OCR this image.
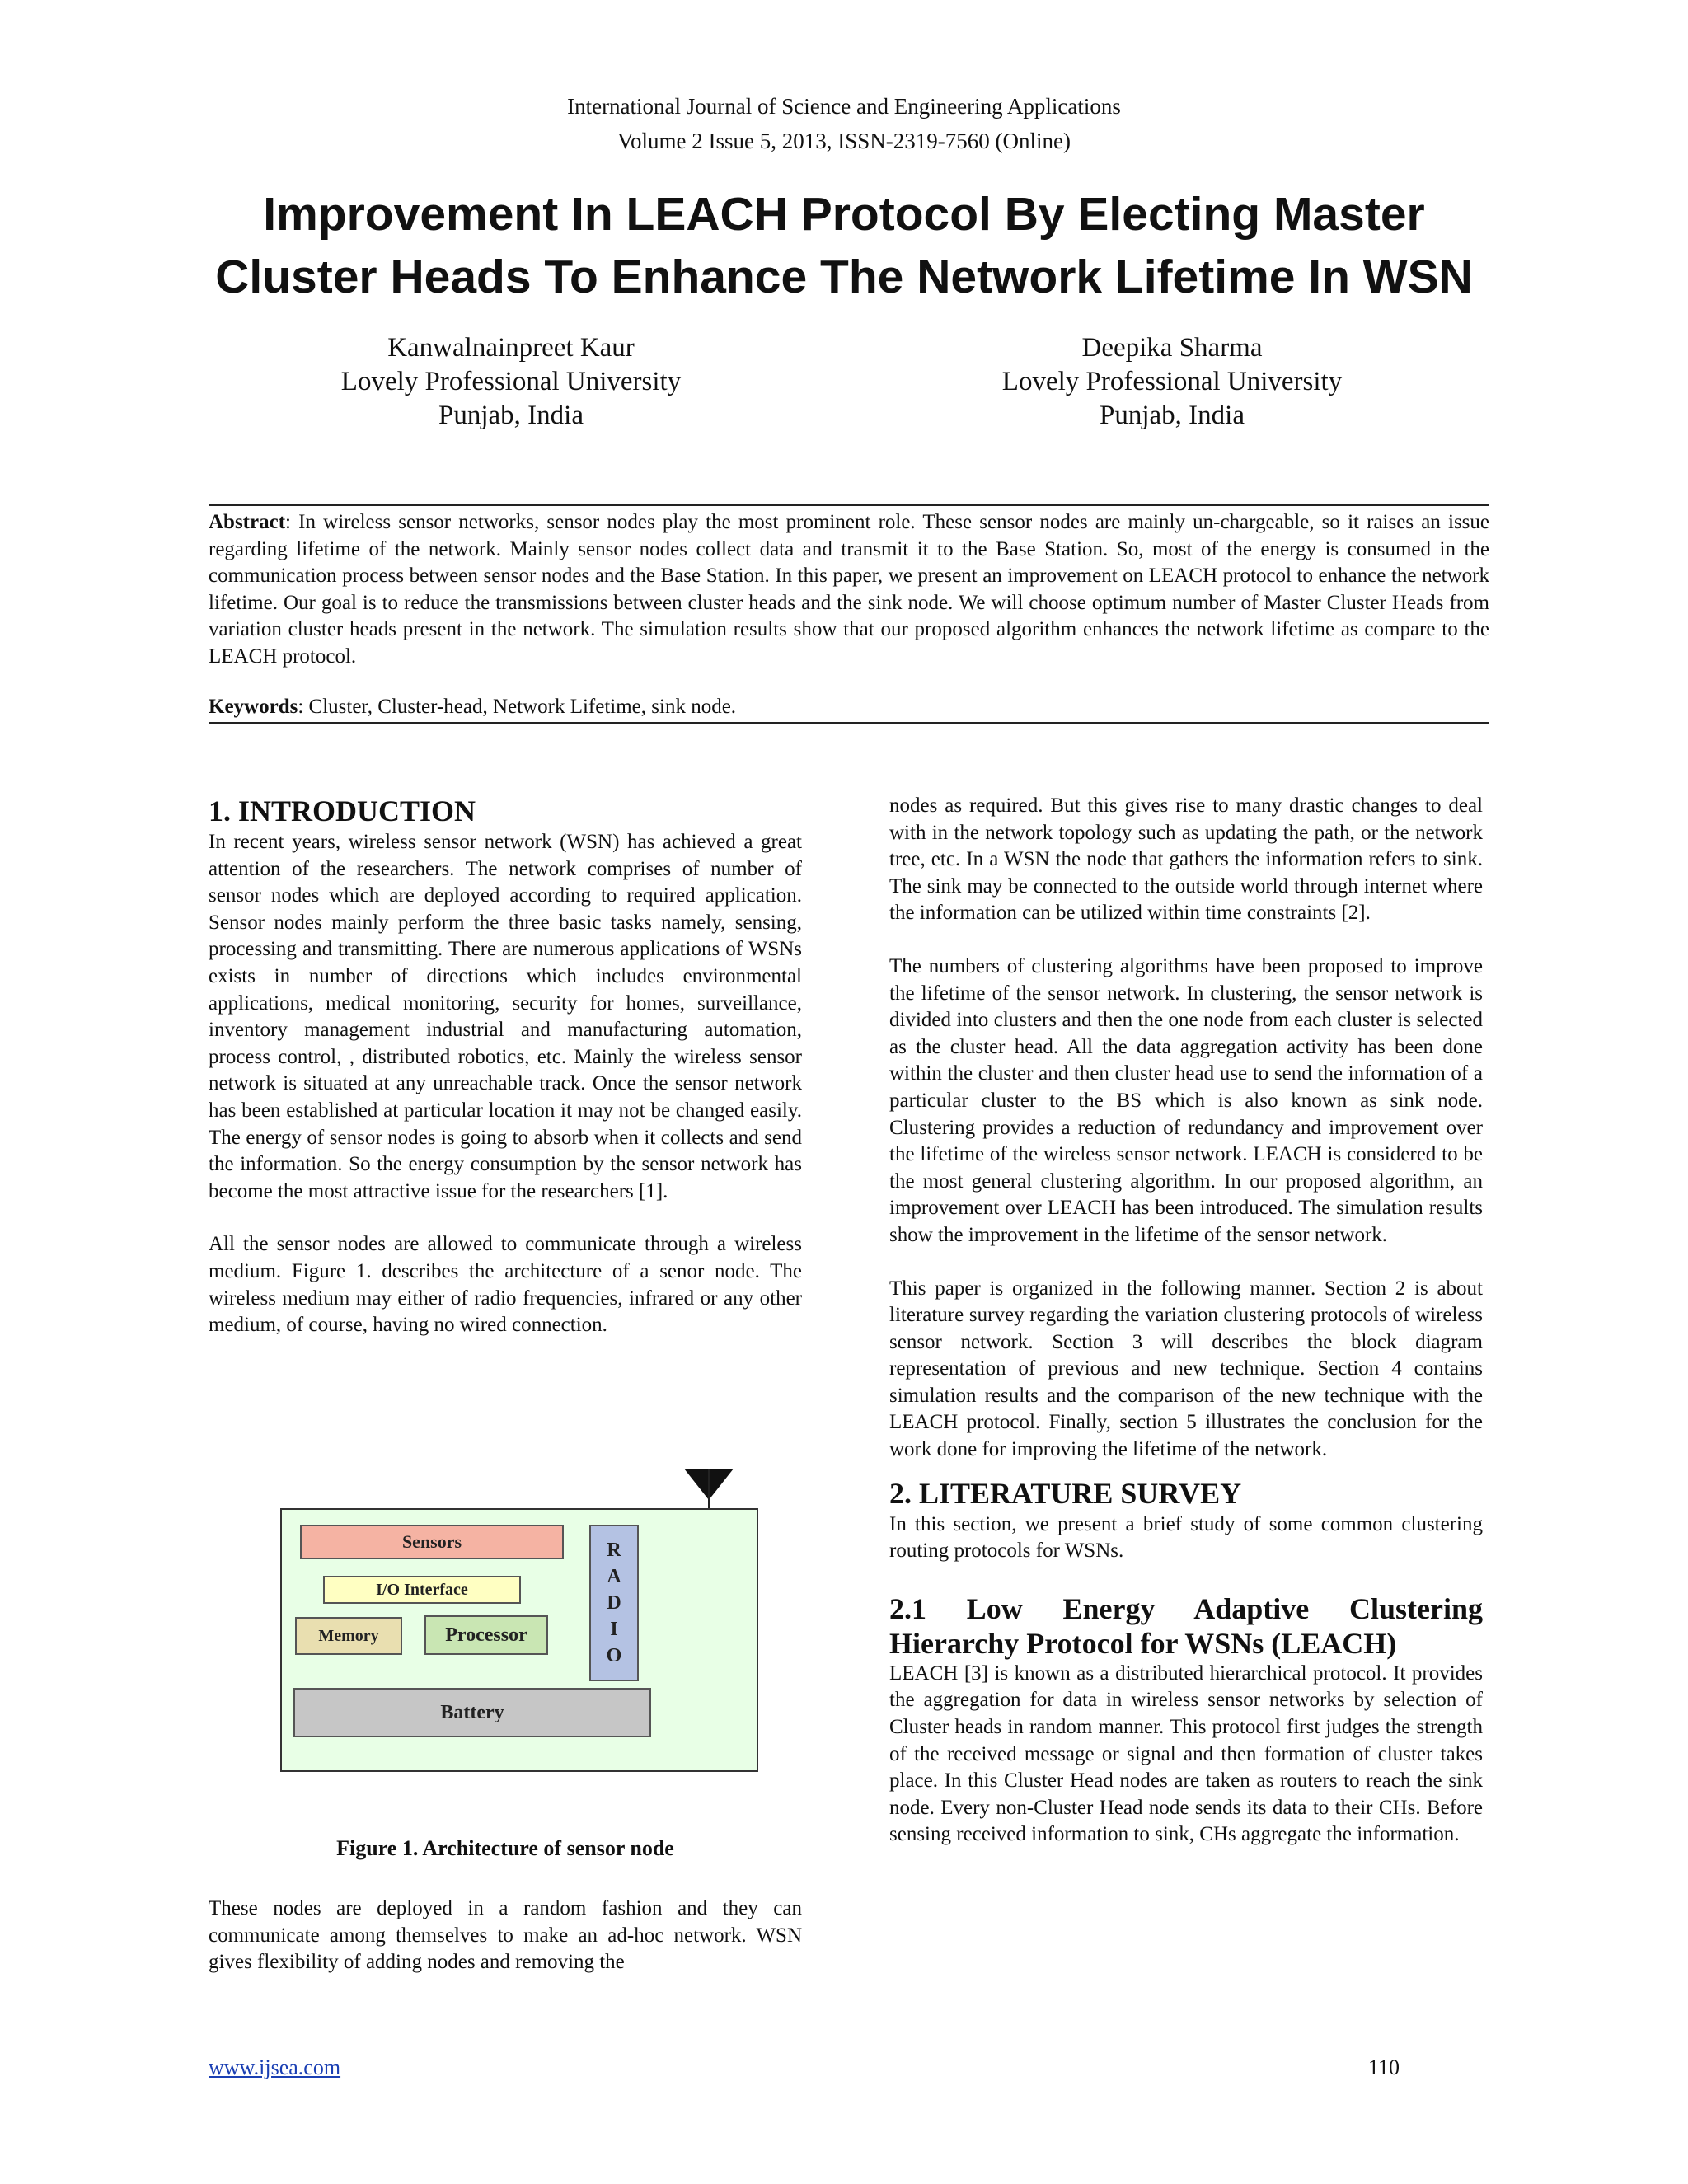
International Journal of Science and Engineering Applications
Volume 2 Issue 5, 2013, ISSN-2319-7560 (Online)
Improvement In LEACH Protocol By Electing Master
Cluster Heads To Enhance The Network Lifetime In WSN
Kanwalnainpreet Kaur
Lovely Professional University
Punjab, India
Deepika Sharma
Lovely Professional University
Punjab, India
Abstract: In wireless sensor networks, sensor nodes play the most prominent role. These sensor nodes are mainly un-chargeable, so it raises an issue regarding lifetime of the network. Mainly sensor nodes collect data and transmit it to the Base Station. So, most of the energy is consumed in the communication process between sensor nodes and the Base Station. In this paper, we present an improvement on LEACH protocol to enhance the network lifetime. Our goal is to reduce the transmissions between cluster heads and the sink node. We will choose optimum number of Master Cluster Heads from variation cluster heads present in the network. The simulation results show that our proposed algorithm enhances the network lifetime as compare to the LEACH protocol.
Keywords: Cluster, Cluster-head, Network Lifetime, sink node.
1. INTRODUCTION

In recent years, wireless sensor network (WSN) has achieved a great attention of the researchers. The network comprises of number of sensor nodes which are deployed according to required application. Sensor nodes mainly perform the three basic tasks namely, sensing, processing and transmitting. There are numerous applications of WSNs exists in number of directions which includes environmental applications, medical monitoring, security for homes, surveillance, inventory management industrial and manufacturing automation, process control, , distributed robotics, etc. Mainly the wireless sensor network is situated at any unreachable track. Once the sensor network has been established at particular location it may not be changed easily. The energy of sensor nodes is going to absorb when it collects and send the information. So the energy consumption by the sensor network has become the most attractive issue for the researchers [1].

All the sensor nodes are allowed to communicate through a wireless medium. Figure 1. describes the architecture of a senor node. The wireless medium may either of radio frequencies, infrared or any other medium, of course, having no wired connection.

Sensors
I/O Interface
Memory	Processor
R
A
D
I
O
Battery
Figure 1. Architecture of sensor node

These nodes are deployed in a random fashion and they can communicate among themselves to make an ad-hoc network. WSN gives flexibility of adding nodes and removing the

nodes as required. But this gives rise to many drastic changes to deal with in the network topology such as updating the path, or the network tree, etc. In a WSN the node that gathers the information refers to sink. The sink may be connected to the outside world through internet where the information can be utilized within time constraints [2].

The numbers of clustering algorithms have been proposed to improve the lifetime of the sensor network. In clustering, the sensor network is divided into clusters and then the one node from each cluster is selected as the cluster head. All the data aggregation activity has been done within the cluster and then cluster head use to send the information of a particular cluster to the BS which is also known as sink node. Clustering provides a reduction of redundancy and improvement over the lifetime of the wireless sensor network. LEACH is considered to be the most general clustering algorithm. In our proposed algorithm, an improvement over LEACH has been introduced. The simulation results show the improvement in the lifetime of the sensor network.

This paper is organized in the following manner. Section 2 is about literature survey regarding the variation clustering protocols of wireless sensor network. Section 3 will describes the block diagram representation of previous and new technique. Section 4 contains simulation results and the comparison of the new technique with the LEACH protocol. Finally, section 5 illustrates the conclusion for the work done for improving the lifetime of the network.

2. LITERATURE SURVEY

In this section, we present a brief study of some common clustering routing protocols for WSNs.

2.1 Low Energy Adaptive Clustering Hierarchy Protocol for WSNs (LEACH)

LEACH [3] is known as a distributed hierarchical protocol. It provides the aggregation for data in wireless sensor networks by selection of Cluster heads in random manner. This protocol first judges the strength of the received message or signal and then formation of cluster takes place. In this Cluster Head nodes are taken as routers to reach the sink node. Every non-Cluster Head node sends its data to their CHs. Before sensing received information to sink, CHs aggregate the information.

www.ijsea.com	110
